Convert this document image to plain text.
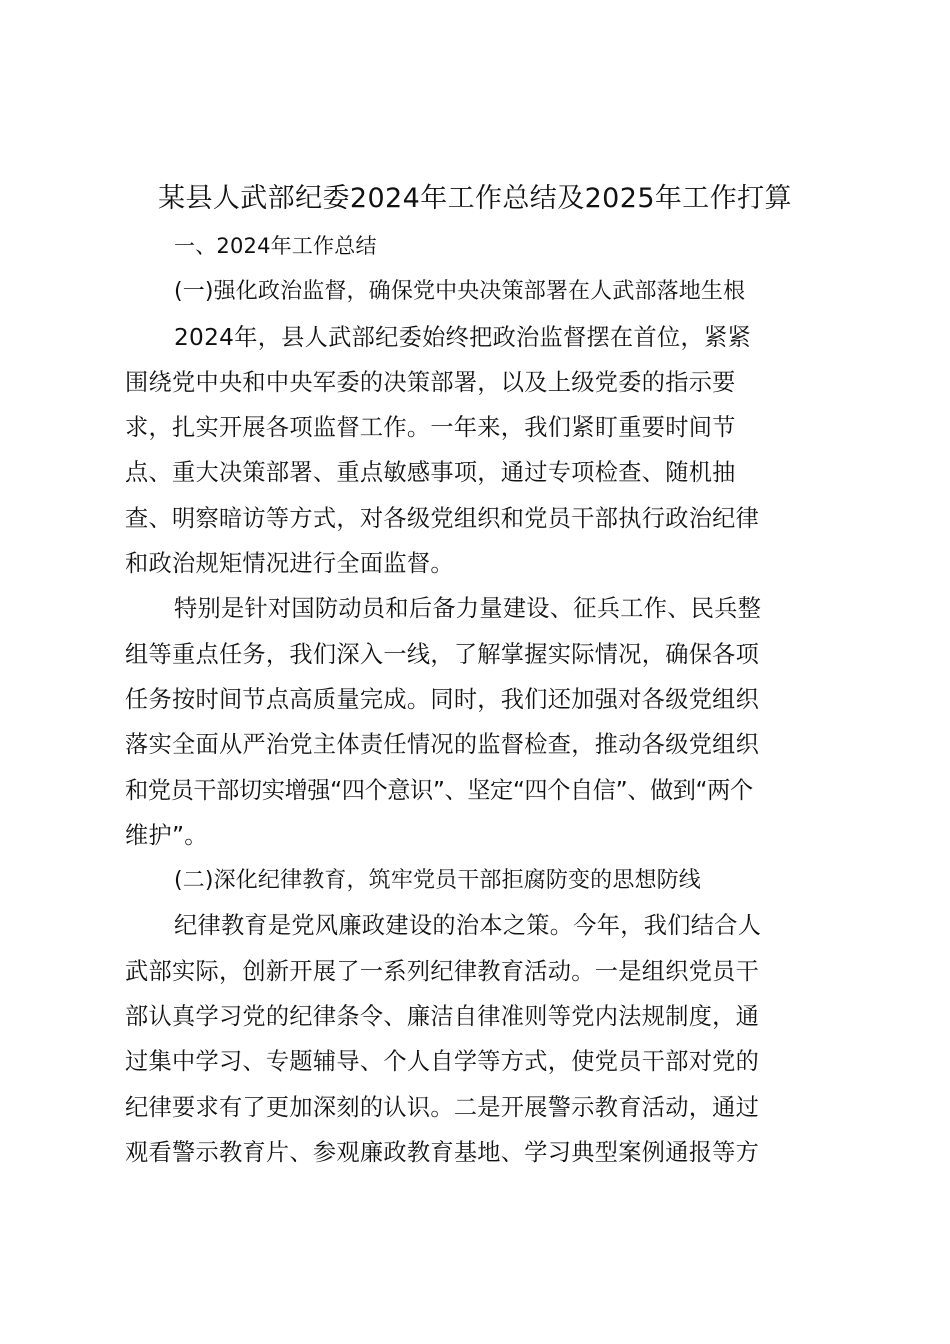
某县人武部纪委2024年工作总结及2025年工作打算

一、2024年工作总结

(一)强化政治监督，确保党中央决策部署在人武部落地生根

2024年，县人武部纪委始终把政治监督摆在首位，紧紧
围绕党中央和中央军委的决策部署，以及上级党委的指示要
求，扎实开展各项监督工作。一年来，我们紧盯重要时间节
点、重大决策部署、重点敏感事项，通过专项检查、随机抽
查、明察暗访等方式，对各级党组织和党员干部执行政治纪律
和政治规矩情况进行全面监督。

特别是针对国防动员和后备力量建设、征兵工作、民兵整
组等重点任务，我们深入一线，了解掌握实际情况，确保各项
任务按时间节点高质量完成。同时，我们还加强对各级党组织
落实全面从严治党主体责任情况的监督检查，推动各级党组织
和党员干部切实增强“四个意识”、坚定“四个自信”、做到“两个
维护”。

(二)深化纪律教育，筑牢党员干部拒腐防变的思想防线

纪律教育是党风廉政建设的治本之策。今年，我们结合人
武部实际，创新开展了一系列纪律教育活动。一是组织党员干
部认真学习党的纪律条令、廉洁自律准则等党内法规制度，通
过集中学习、专题辅导、个人自学等方式，使党员干部对党的
纪律要求有了更加深刻的认识。二是开展警示教育活动，通过
观看警示教育片、参观廉政教育基地、学习典型案例通报等方
